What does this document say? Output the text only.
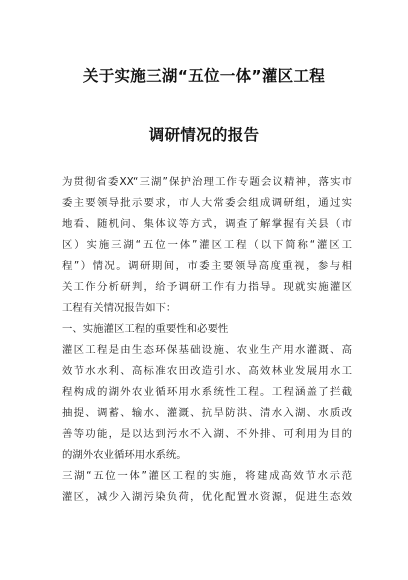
关于实施三湖“五位一体”灌区工程
调研情况的报告
为贯彻省委XX“三湖”保护治理工作专题会议精神，落实市
委主要领导批示要求，市人大常委会组成调研组，通过实
地看、随机问、集体议等方式，调查了解掌握有关县（市
区）实施三湖“五位一体”灌区工程（以下简称“灌区工
程”）情况。调研期间，市委主要领导高度重视，参与相
关工作分析研判，给予调研工作有力指导。现就实施灌区
工程有关情况报告如下：
一、实施灌区工程的重要性和必要性
灌区工程是由生态环保基础设施、农业生产用水灌溉、高
效节水水利、高标准农田改造引水、高效林业发展用水工
程构成的湖外农业循环用水系统性工程。工程涵盖了拦截
抽提、调蓄、输水、灌溉、抗旱防洪、清水入湖、水质改
善等功能，是以达到污水不入湖、不外排、可利用为目的
的湖外农业循环用水系统。
三湖“五位一体”灌区工程的实施，将建成高效节水示范
灌区，减少入湖污染负荷，优化配置水资源，促进生态效
